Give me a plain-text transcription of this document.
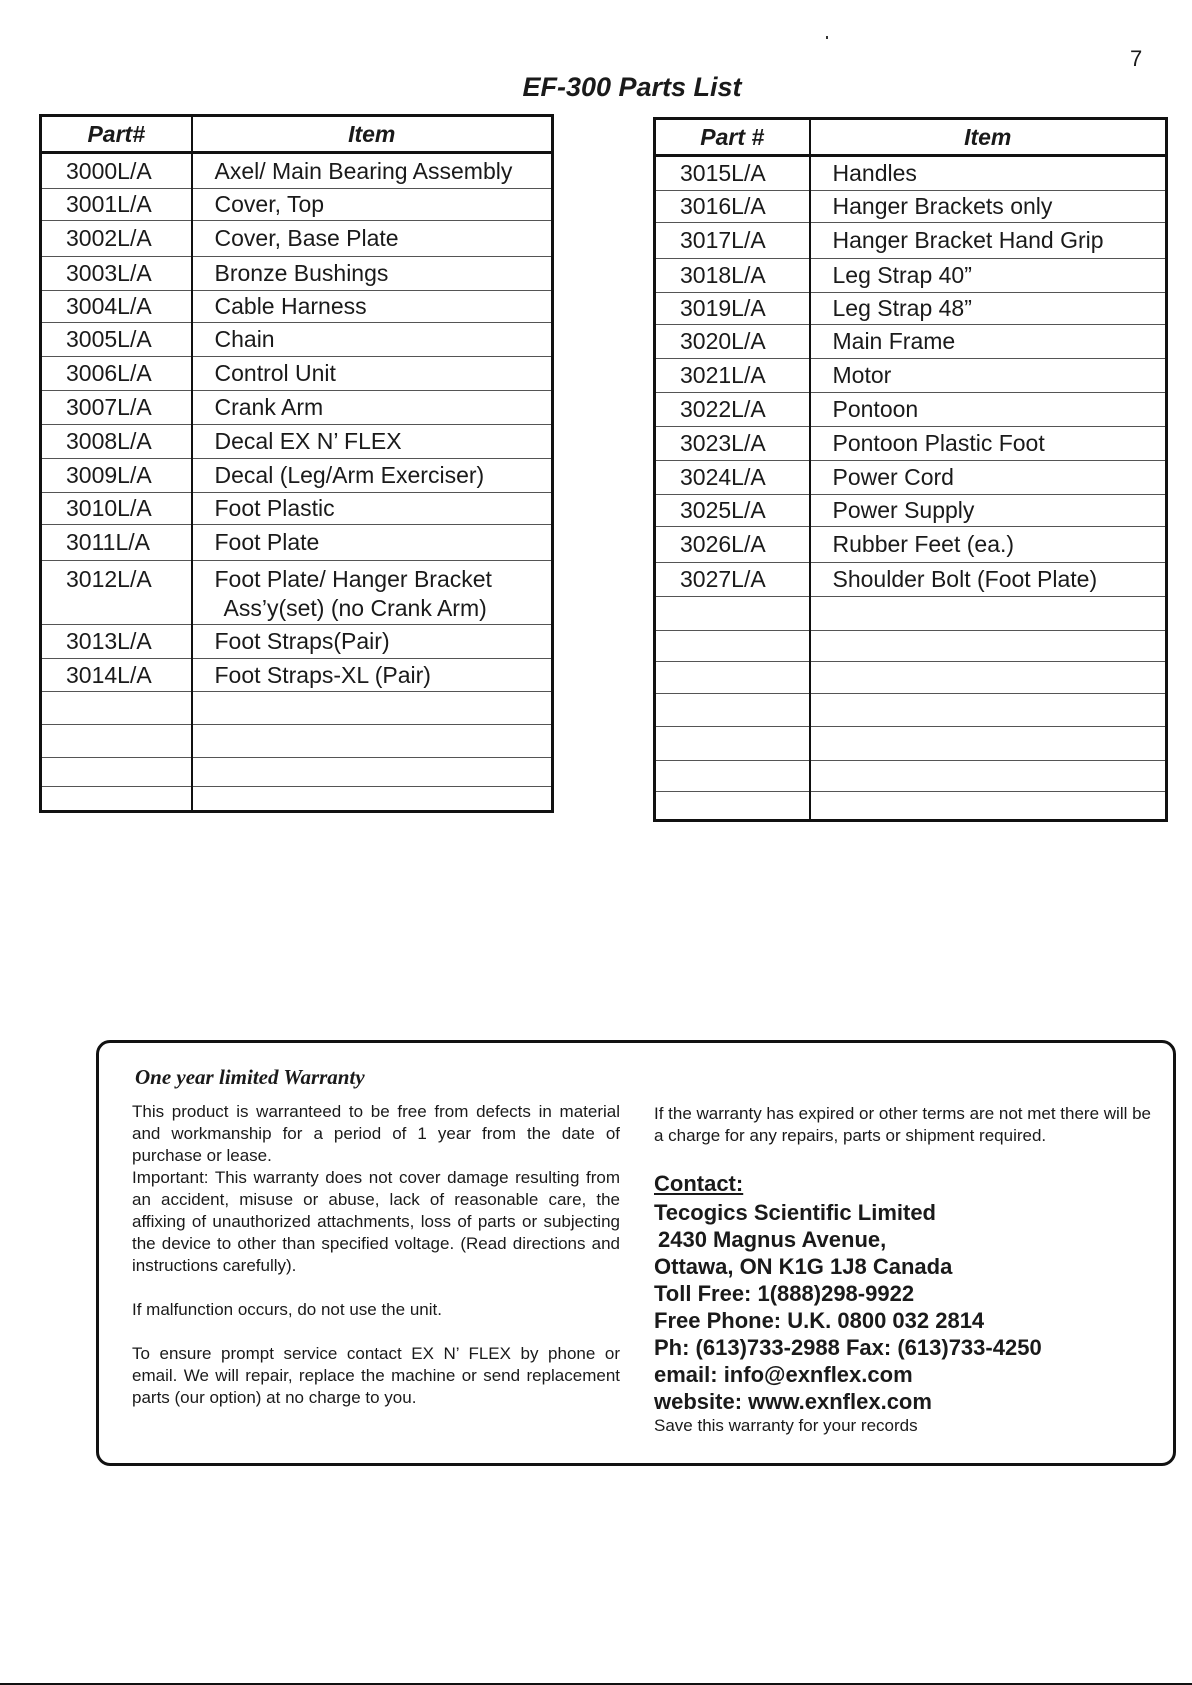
7
EF-300 Parts List
Part#	Item
3000L/A	Axel/ Main Bearing Assembly
3001L/A	Cover, Top
3002L/A	Cover, Base Plate
3003L/A	Bronze Bushings
3004L/A	Cable Harness
3005L/A	Chain
3006L/A	Control Unit
3007L/A	Crank Arm
3008L/A	Decal EX N’ FLEX
3009L/A	Decal (Leg/Arm Exerciser)
3010L/A	Foot Plastic
3011L/A	Foot Plate
3012L/A	Foot Plate/ Hanger Bracket
Ass’y(set) (no Crank Arm)

3013L/A	Foot Straps(Pair)
3014L/A	Foot Straps-XL (Pair)

Part #	Item
3015L/A	Handles
3016L/A	Hanger Brackets only
3017L/A	Hanger Bracket Hand Grip
3018L/A	Leg Strap 40”
3019L/A	Leg Strap 48”
3020L/A	Main Frame
3021L/A	Motor
3022L/A	Pontoon
3023L/A	Pontoon Plastic Foot
3024L/A	Power Cord
3025L/A	Power Supply
3026L/A	Rubber Feet (ea.)
3027L/A	Shoulder Bolt (Foot Plate)

One year limited Warranty

This product is warranteed to be free from defects in material and workmanship for a period of 1 year from the date of purchase or lease.

Important: This warranty does not cover damage resulting from an accident, misuse or abuse, lack of reasonable care, the affixing of unauthorized attachments, loss of parts or subjecting the device to other than specified voltage. (Read directions and instructions carefully).

If malfunction occurs, do not use the unit.

To ensure prompt service contact EX N’ FLEX by phone or email. We will repair, replace the machine or send replacement parts (our option) at no charge to you.

If the warranty has expired or other terms are not met there will be a charge for any repairs, parts or shipment required.

Contact:

Tecogics Scientific Limited

2430 Magnus Avenue,

Ottawa, ON K1G 1J8 Canada

Toll Free: 1(888)298-9922

Free Phone: U.K. 0800 032 2814

Ph: (613)733-2988 Fax: (613)733-4250

email: info@exnflex.com

website: www.exnflex.com

Save this warranty for your records
